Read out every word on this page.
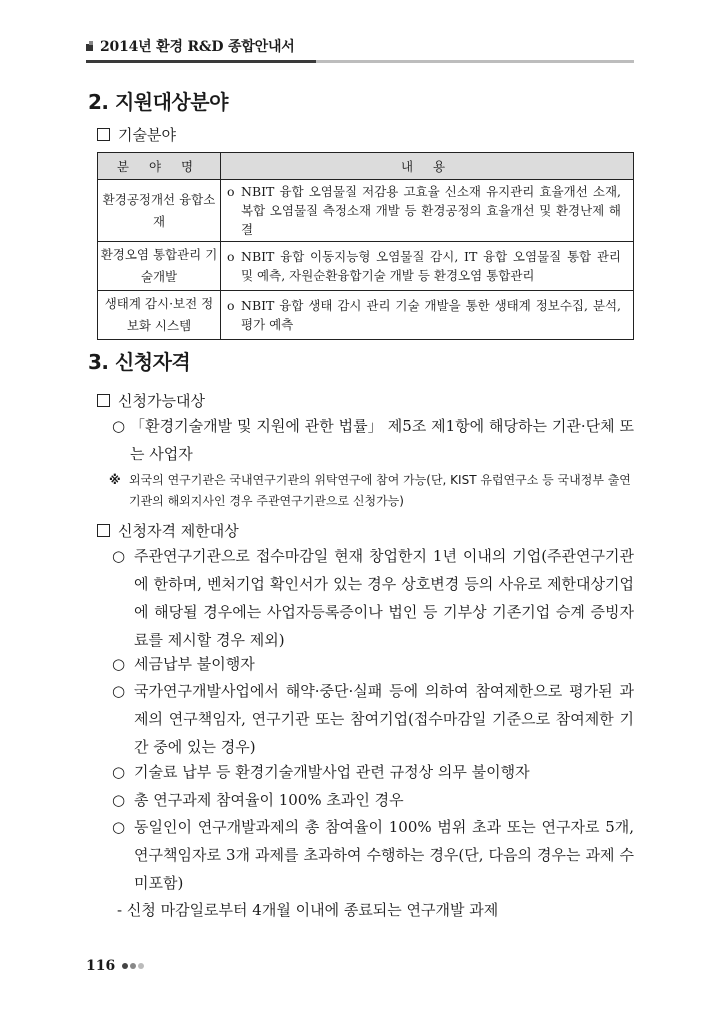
2014년 환경 R&D 종합안내서
2. 지원대상분야
기술분야
분 야 명	내 용
환경공정개선 융합소재	o NBIT 융합 오염물질 저감용 고효율 신소재 유지관리 효율개선 소재, 복합 오염물질 측정소재 개발 등 환경공정의 효율개선 및 환경난제 해결
환경오염 통합관리 기술개발	o NBIT 융합 이동지능형 오염물질 감시, IT 융합 오염물질 통합 관리 및 예측, 자원순환융합기술 개발 등 환경오염 통합관리
생태계 감시·보전 정보화 시스템	o NBIT 융합 생태 감시 관리 기술 개발을 통한 생태계 정보수집, 분석, 평가 예측
3. 신청자격
신청가능대상
○ 「환경기술개발 및 지원에 관한 법률」 제5조 제1항에 해당하는 기관·단체 또는 사업자
※ 외국의 연구기관은 국내연구기관의 위탁연구에 참여 가능(단, KIST 유럽연구소 등 국내정부 출연기관의 해외지사인 경우 주관연구기관으로 신청가능)
신청자격 제한대상
○ 주관연구기관으로 접수마감일 현재 창업한지 1년 이내의 기업(주관연구기관에 한하며, 벤처기업 확인서가 있는 경우 상호변경 등의 사유로 제한대상기업에 해당될 경우에는 사업자등록증이나 법인 등 기부상 기존기업 승계 증빙자료를 제시할 경우 제외)
○ 세금납부 불이행자
○ 국가연구개발사업에서 해약·중단·실패 등에 의하여 참여제한으로 평가된 과제의 연구책임자, 연구기관 또는 참여기업(접수마감일 기준으로 참여제한 기간 중에 있는 경우)
○ 기술료 납부 등 환경기술개발사업 관련 규정상 의무 불이행자
○ 총 연구과제 참여율이 100% 초과인 경우
○ 동일인이 연구개발과제의 총 참여율이 100% 범위 초과 또는 연구자로 5개, 연구책임자로 3개 과제를 초과하여 수행하는 경우(단, 다음의 경우는 과제 수 미포함)
- 신청 마감일로부터 4개월 이내에 종료되는 연구개발 과제
116
